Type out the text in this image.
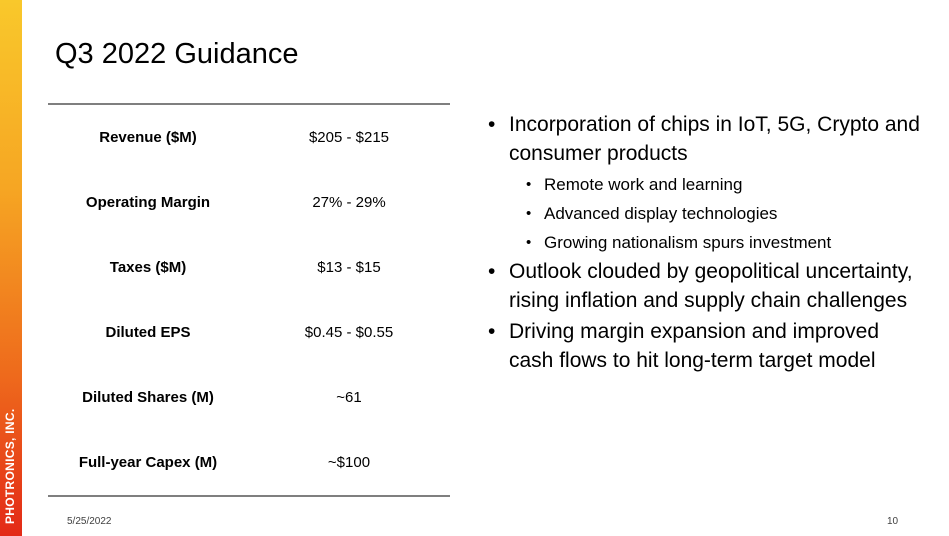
PHOTRONICS, INC.
Q3 2022 Guidance
Revenue ($M)	$205 - $215
Operating Margin	27% - 29%
Taxes ($M)	$13 - $15
Diluted EPS	$0.45 - $0.55
Diluted Shares (M)	~61
Full-year Capex (M)	~$100
• Incorporation of chips in IoT, 5G, Crypto and consumer products
• Remote work and learning
• Advanced display technologies
• Growing nationalism spurs investment
• Outlook clouded by geopolitical uncertainty, rising inflation and supply chain challenges
• Driving margin expansion and improved cash flows to hit long-term target model
5/25/2022	10
